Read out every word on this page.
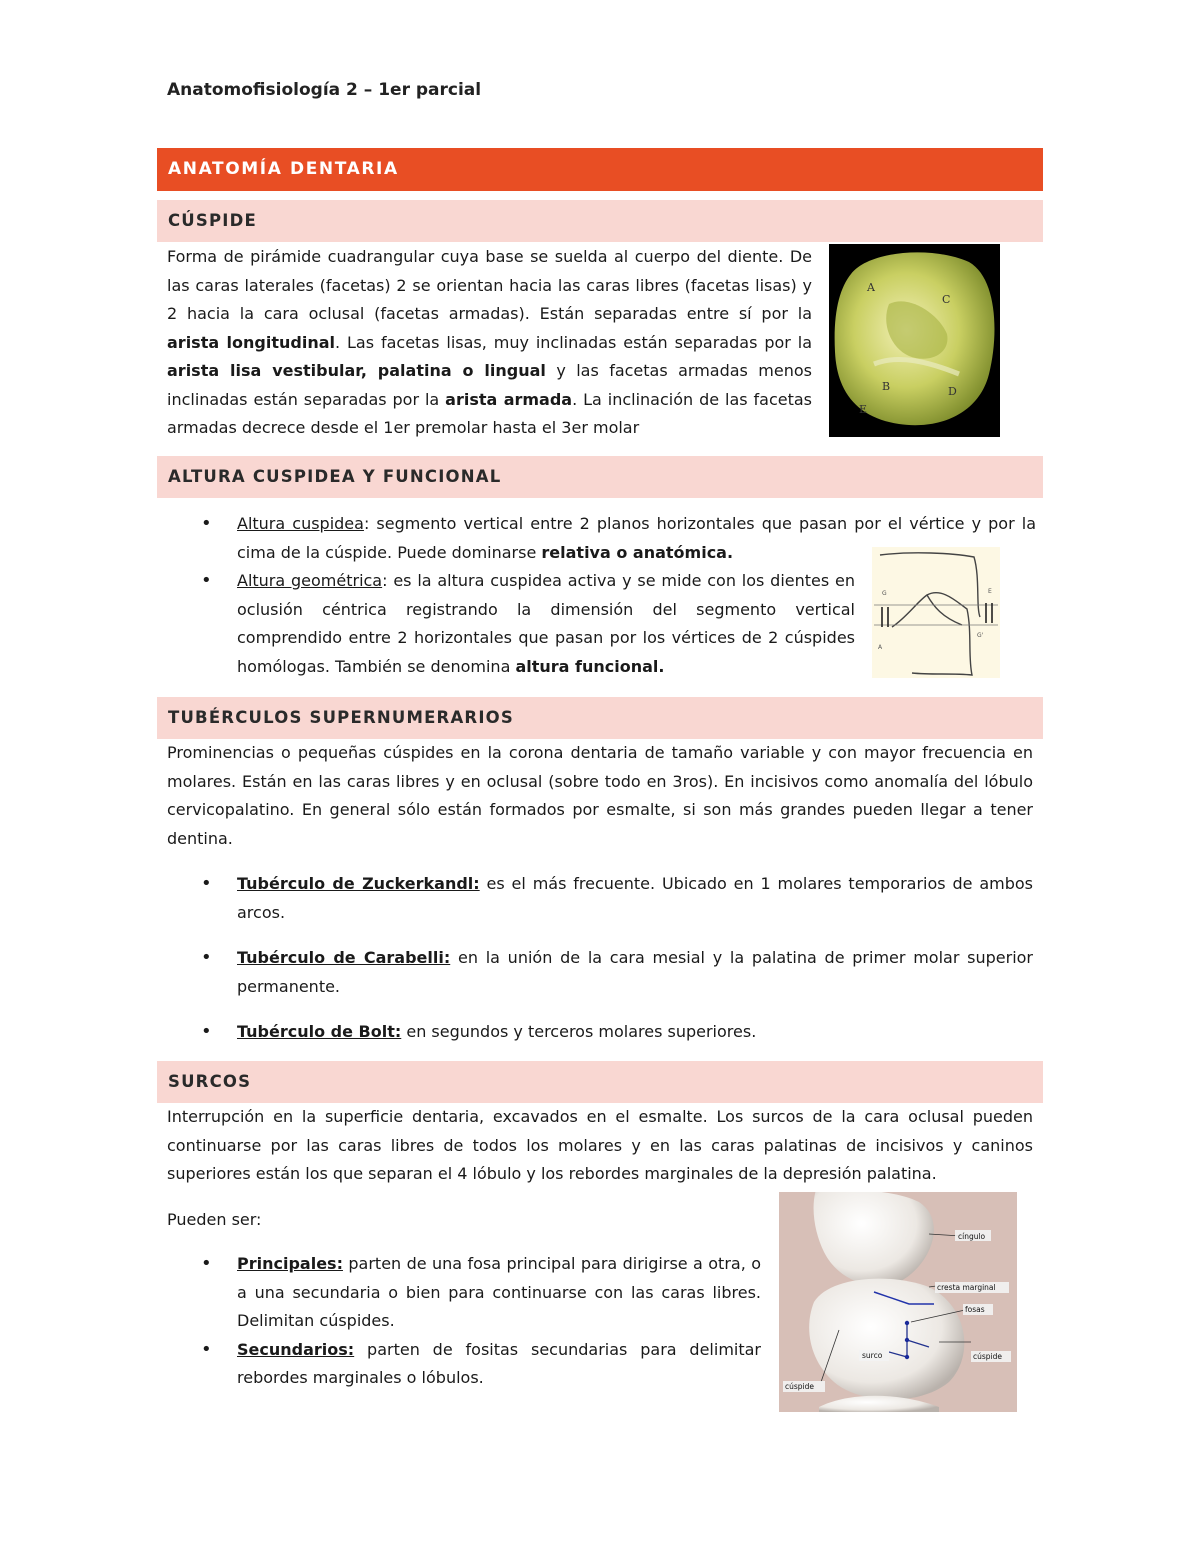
Anatomofisiología 2 – 1er parcial
ANATOMÍA DENTARIA
CÚSPIDE

Forma de pirámide cuadrangular cuya base se suelda al cuerpo del diente. De las caras laterales (facetas) 2 se orientan hacia las caras libres (facetas lisas) y 2 hacia la cara oclusal (facetas armadas). Están separadas entre sí por la arista longitudinal. Las facetas lisas, muy inclinadas están separadas por la arista lisa vestibular, palatina o lingual y las facetas armadas menos inclinadas están separadas por la arista armada. La inclinación de las facetas armadas decrece desde el 1er premolar hasta el 3er molar

A
C
B	D
E
ALTURA CUSPIDEA Y FUNCIONAL
• Altura cuspidea: segmento vertical entre 2 planos horizontales que pasan por el vértice y por la cima de la cúspide. Puede dominarse relativa o anatómica.
• Altura geométrica: es la altura cuspidea activa y se mide con los dientes en oclusión céntrica registrando la dimensión del segmento vertical comprendido entre 2 horizontales que pasan por los vértices de 2 cúspides homólogas. También se denomina altura funcional.
G	E
A
G'
TUBÉRCULOS SUPERNUMERARIOS

Prominencias o pequeñas cúspides en la corona dentaria de tamaño variable y con mayor frecuencia en molares. Están en las caras libres y en oclusal (sobre todo en 3ros). En incisivos como anomalía del lóbulo cervicopalatino. En general sólo están formados por esmalte, si son más grandes pueden llegar a tener dentina.

• Tubérculo de Zuckerkandl: es el más frecuente. Ubicado en 1 molares temporarios de ambos arcos.
• Tubérculo de Carabelli: en la unión de la cara mesial y la palatina de primer molar superior permanente.
• Tubérculo de Bolt: en segundos y terceros molares superiores.
SURCOS

Interrupción en la superficie dentaria, excavados en el esmalte. Los surcos de la cara oclusal pueden continuarse por las caras libres de todos los molares y en las caras palatinas de incisivos y caninos superiores están los que separan el 4 lóbulo y los rebordes marginales de la depresión palatina.

Pueden ser:

• Principales: parten de una fosa principal para dirigirse a otra, o a una secundaria o bien para continuarse con las caras libres. Delimitan cúspides.
• Secundarios: parten de fositas secundarias para delimitar rebordes marginales o lóbulos.
cíngulo
cresta marginal
fosas
surco	cúspide
cúspide
